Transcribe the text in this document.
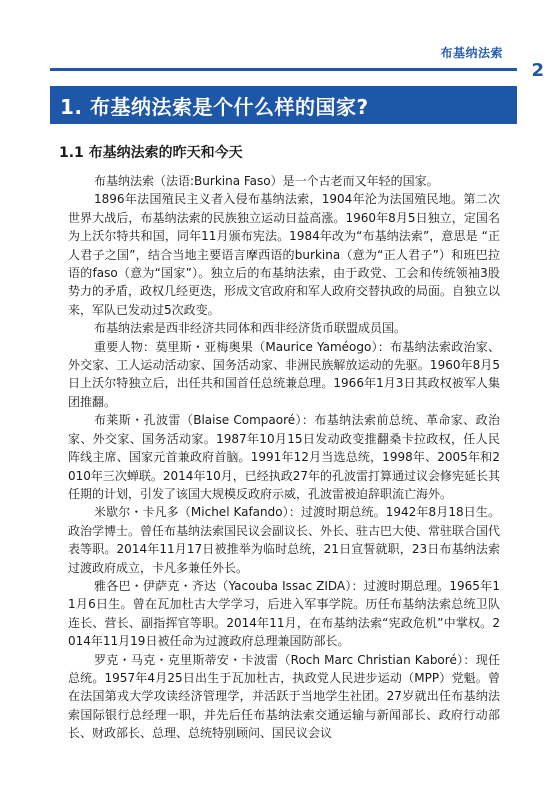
布基纳法索
2
1. 布基纳法索是个什么样的国家?
1.1 布基纳法索的昨天和今天

布基纳法索（法语:Burkina Faso）是一个古老而又年轻的国家。

1896年法国殖民主义者入侵布基纳法索，1904年沦为法国殖民地。第二次世界大战后，布基纳法索的民族独立运动日益高涨。1960年8月5日独立，定国名为上沃尔特共和国，同年11月颁布宪法。1984年改为“布基纳法索”，意思是 “正人君子之国”，结合当地主要语言摩西语的burkina（意为“正人君子”）和班巴拉语的faso（意为“国家”）。独立后的布基纳法索，由于政党、工会和传统领袖3股势力的矛盾，政权几经更迭，形成文官政府和军人政府交替执政的局面。自独立以来，军队已发动过5次政变。

布基纳法索是西非经济共同体和西非经济货币联盟成员国。

重要人物：莫里斯・亚梅奥果（Maurice Yaméogo）：布基纳法索政治家、外交家、工人运动活动家、国务活动家、非洲民族解放运动的先驱。1960年8月5日上沃尔特独立后，出任共和国首任总统兼总理。1966年1月3日其政权被军人集团推翻。

布莱斯・孔波雷（Blaise Compaoré）：布基纳法索前总统、革命家、政治家、外交家、国务活动家。1987年10月15日发动政变推翻桑卡拉政权，任人民阵线主席、国家元首兼政府首脑。1991年12月当选总统，1998年、2005年和2010年三次蝉联。2014年10月，已经执政27年的孔波雷打算通过议会修宪延长其任期的计划，引发了该国大规模反政府示威，孔波雷被迫辞职流亡海外。

米歇尔・卡凡多（Michel Kafando）：过渡时期总统。1942年8月18日生。政治学博士。曾任布基纳法索国民议会副议长、外长、驻古巴大使、常驻联合国代表等职。2014年11月17日被推举为临时总统，21日宣誓就职，23日布基纳法索过渡政府成立，卡凡多兼任外长。

雅各巴・伊萨克・齐达（Yacouba Issac ZIDA）：过渡时期总理。1965年11月6日生。曾在瓦加杜古大学学习，后进入军事学院。历任布基纳法索总统卫队连长、营长、副指挥官等职。2014年11月，在布基纳法索“宪政危机”中掌权。2014年11月19日被任命为过渡政府总理兼国防部长。

罗克・马克・克里斯蒂安・卡波雷（Roch Marc Christian Kaboré）：现任总统。1957年4月25日出生于瓦加杜古，执政党人民进步运动（MPP）党魁。曾在法国第戎大学攻读经济管理学，并活跃于当地学生社团。27岁就出任布基纳法索国际银行总经理一职，并先后任布基纳法索交通运输与新闻部长、政府行动部长、财政部长、总理、总统特别顾问、国民议会议
